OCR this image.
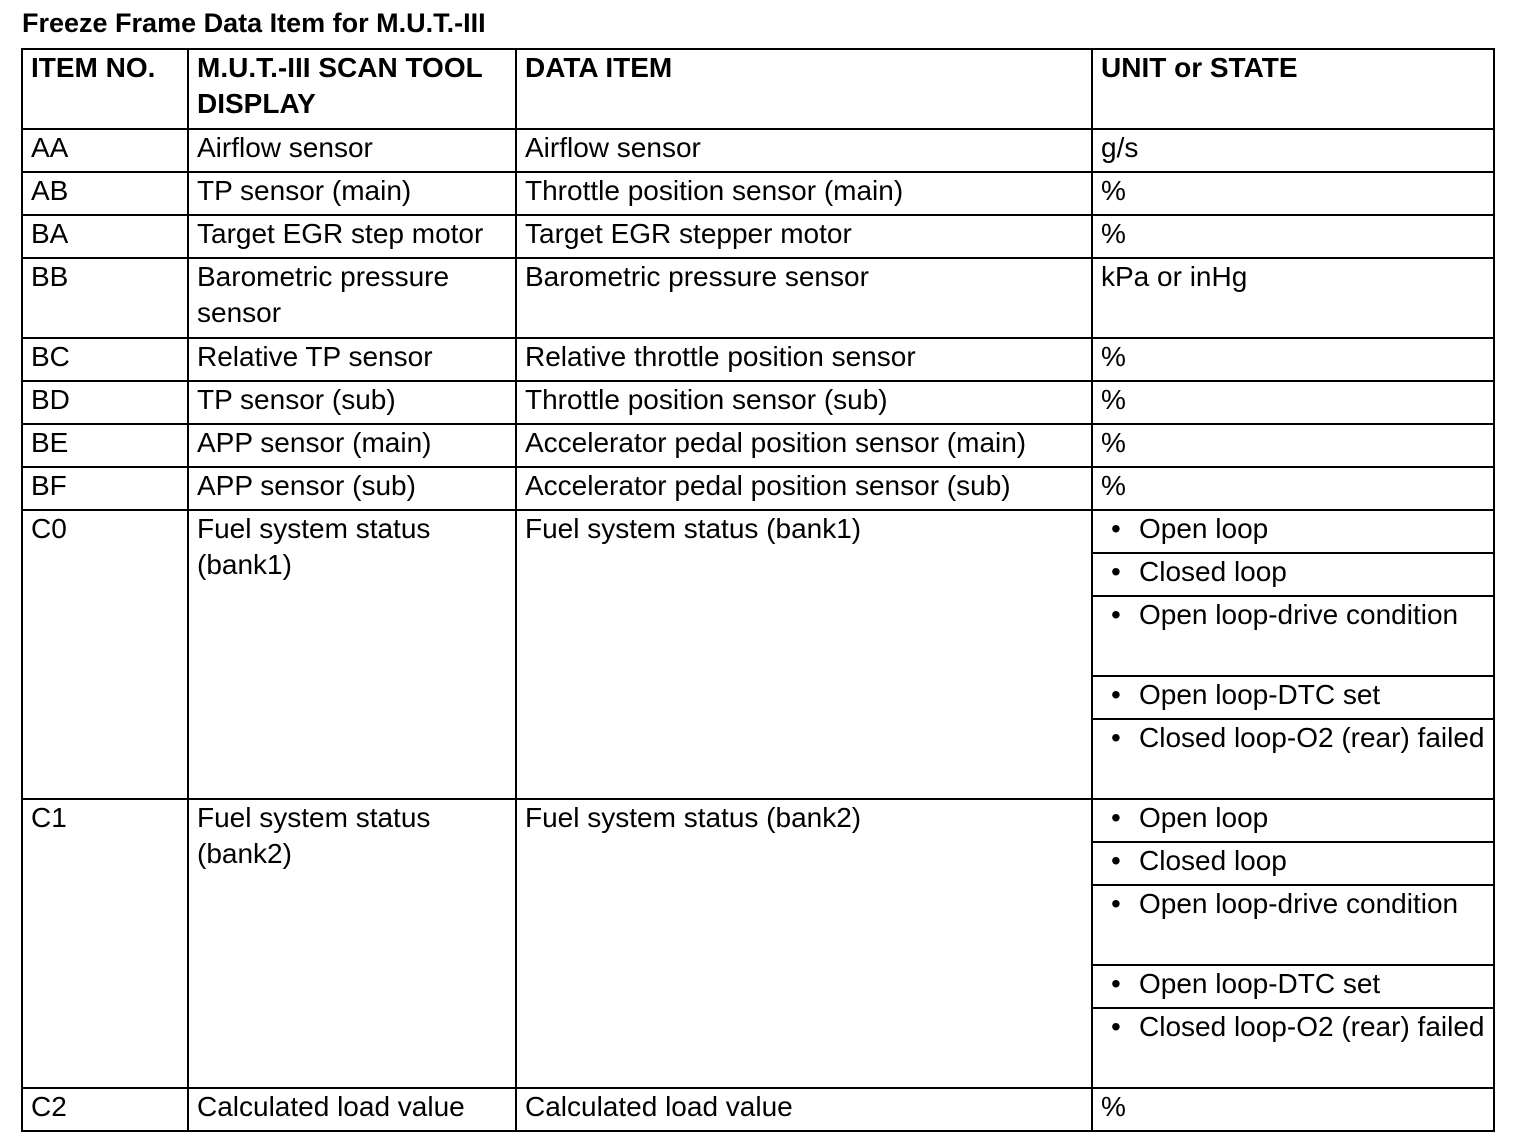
Freeze Frame Data Item for M.U.T.-III
ITEM NO.	M.U.T.-III SCAN TOOL DISPLAY	DATA ITEM	UNIT or STATE
AA	Airflow sensor	Airflow sensor	g/s
AB	TP sensor (main)	Throttle position sensor (main)	%
BA	Target EGR step motor	Target EGR stepper motor	%
BB	Barometric pressure sensor	Barometric pressure sensor	kPa or inHg
BC	Relative TP sensor	Relative throttle position sensor	%
BD	TP sensor (sub)	Throttle position sensor (sub)	%
BE	APP sensor (main)	Accelerator pedal position sensor (main)	%
BF	APP sensor (sub)	Accelerator pedal position sensor (sub)	%
C0	Fuel system status (bank1)	Fuel system status (bank1)	• Open loop

			• Closed loop

			• Open loop-drive condition

			• Open loop-DTC set

			• Closed loop-O2 (rear) failed

C1	Fuel system status (bank2)	Fuel system status (bank2)	• Open loop

			• Closed loop

			• Open loop-drive condition

			• Open loop-DTC set

			• Closed loop-O2 (rear) failed

C2	Calculated load value	Calculated load value	%
